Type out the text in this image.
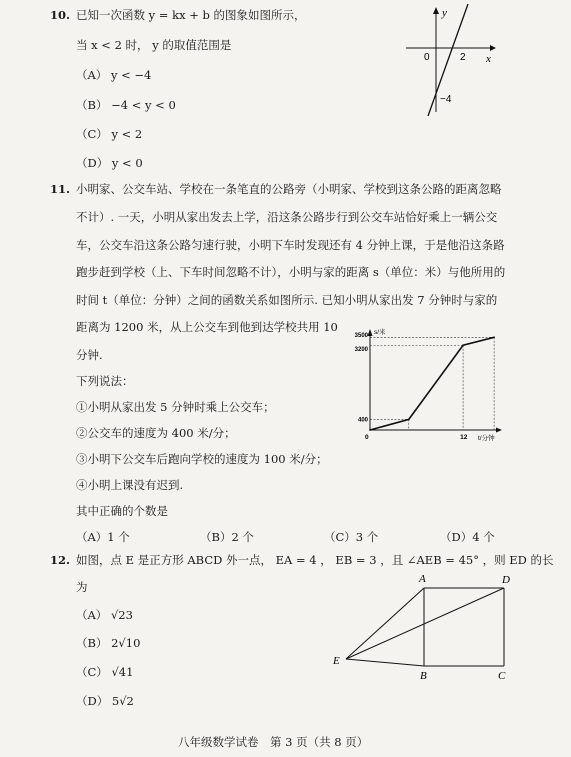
10. 已知一次函数 y = kx + b 的图象如图所示，
当 x < 2 时， y 的取值范围是
（A） y < −4
（B） −4 < y < 0
（C） y < 2
（D） y < 0
y
x
0	2
−4
11. 小明家、公交车站、学校在一条笔直的公路旁（小明家、学校到这条公路的距离忽略
不计）. 一天，小明从家出发去上学，沿这条公路步行到公交车站恰好乘上一辆公交
车，公交车沿这条公路匀速行驶，小明下车时发现还有 4 分钟上课，于是他沿这条路
跑步赶到学校（上、下车时间忽略不计），小明与家的距离 s（单位：米）与他所用的
时间 t（单位：分钟）之间的函数关系如图所示. 已知小明从家出发 7 分钟时与家的
距离为 1200 米，从上公交车到他到达学校共用 10
分钟.
下列说法：
①小明从家出发 5 分钟时乘上公交车；
②公交车的速度为 400 米/分；
③小明下公交车后跑向学校的速度为 100 米/分；
④小明上课没有迟到.
其中正确的个数是
（A）1 个	（B）2 个	（C）3 个	（D）4 个
s/米
t/分钟
3500
3200
400
0	12
12. 如图，点 E 是正方形 ABCD 外一点， EA = 4 ， EB = 3 ，且 ∠AEB = 45° ，则 ED 的长
为
（A） √23
（B） 2√10
（C） √41
（D） 5√2
A	D
B	C
E
八年级数学试卷　第 3 页（共 8 页）
